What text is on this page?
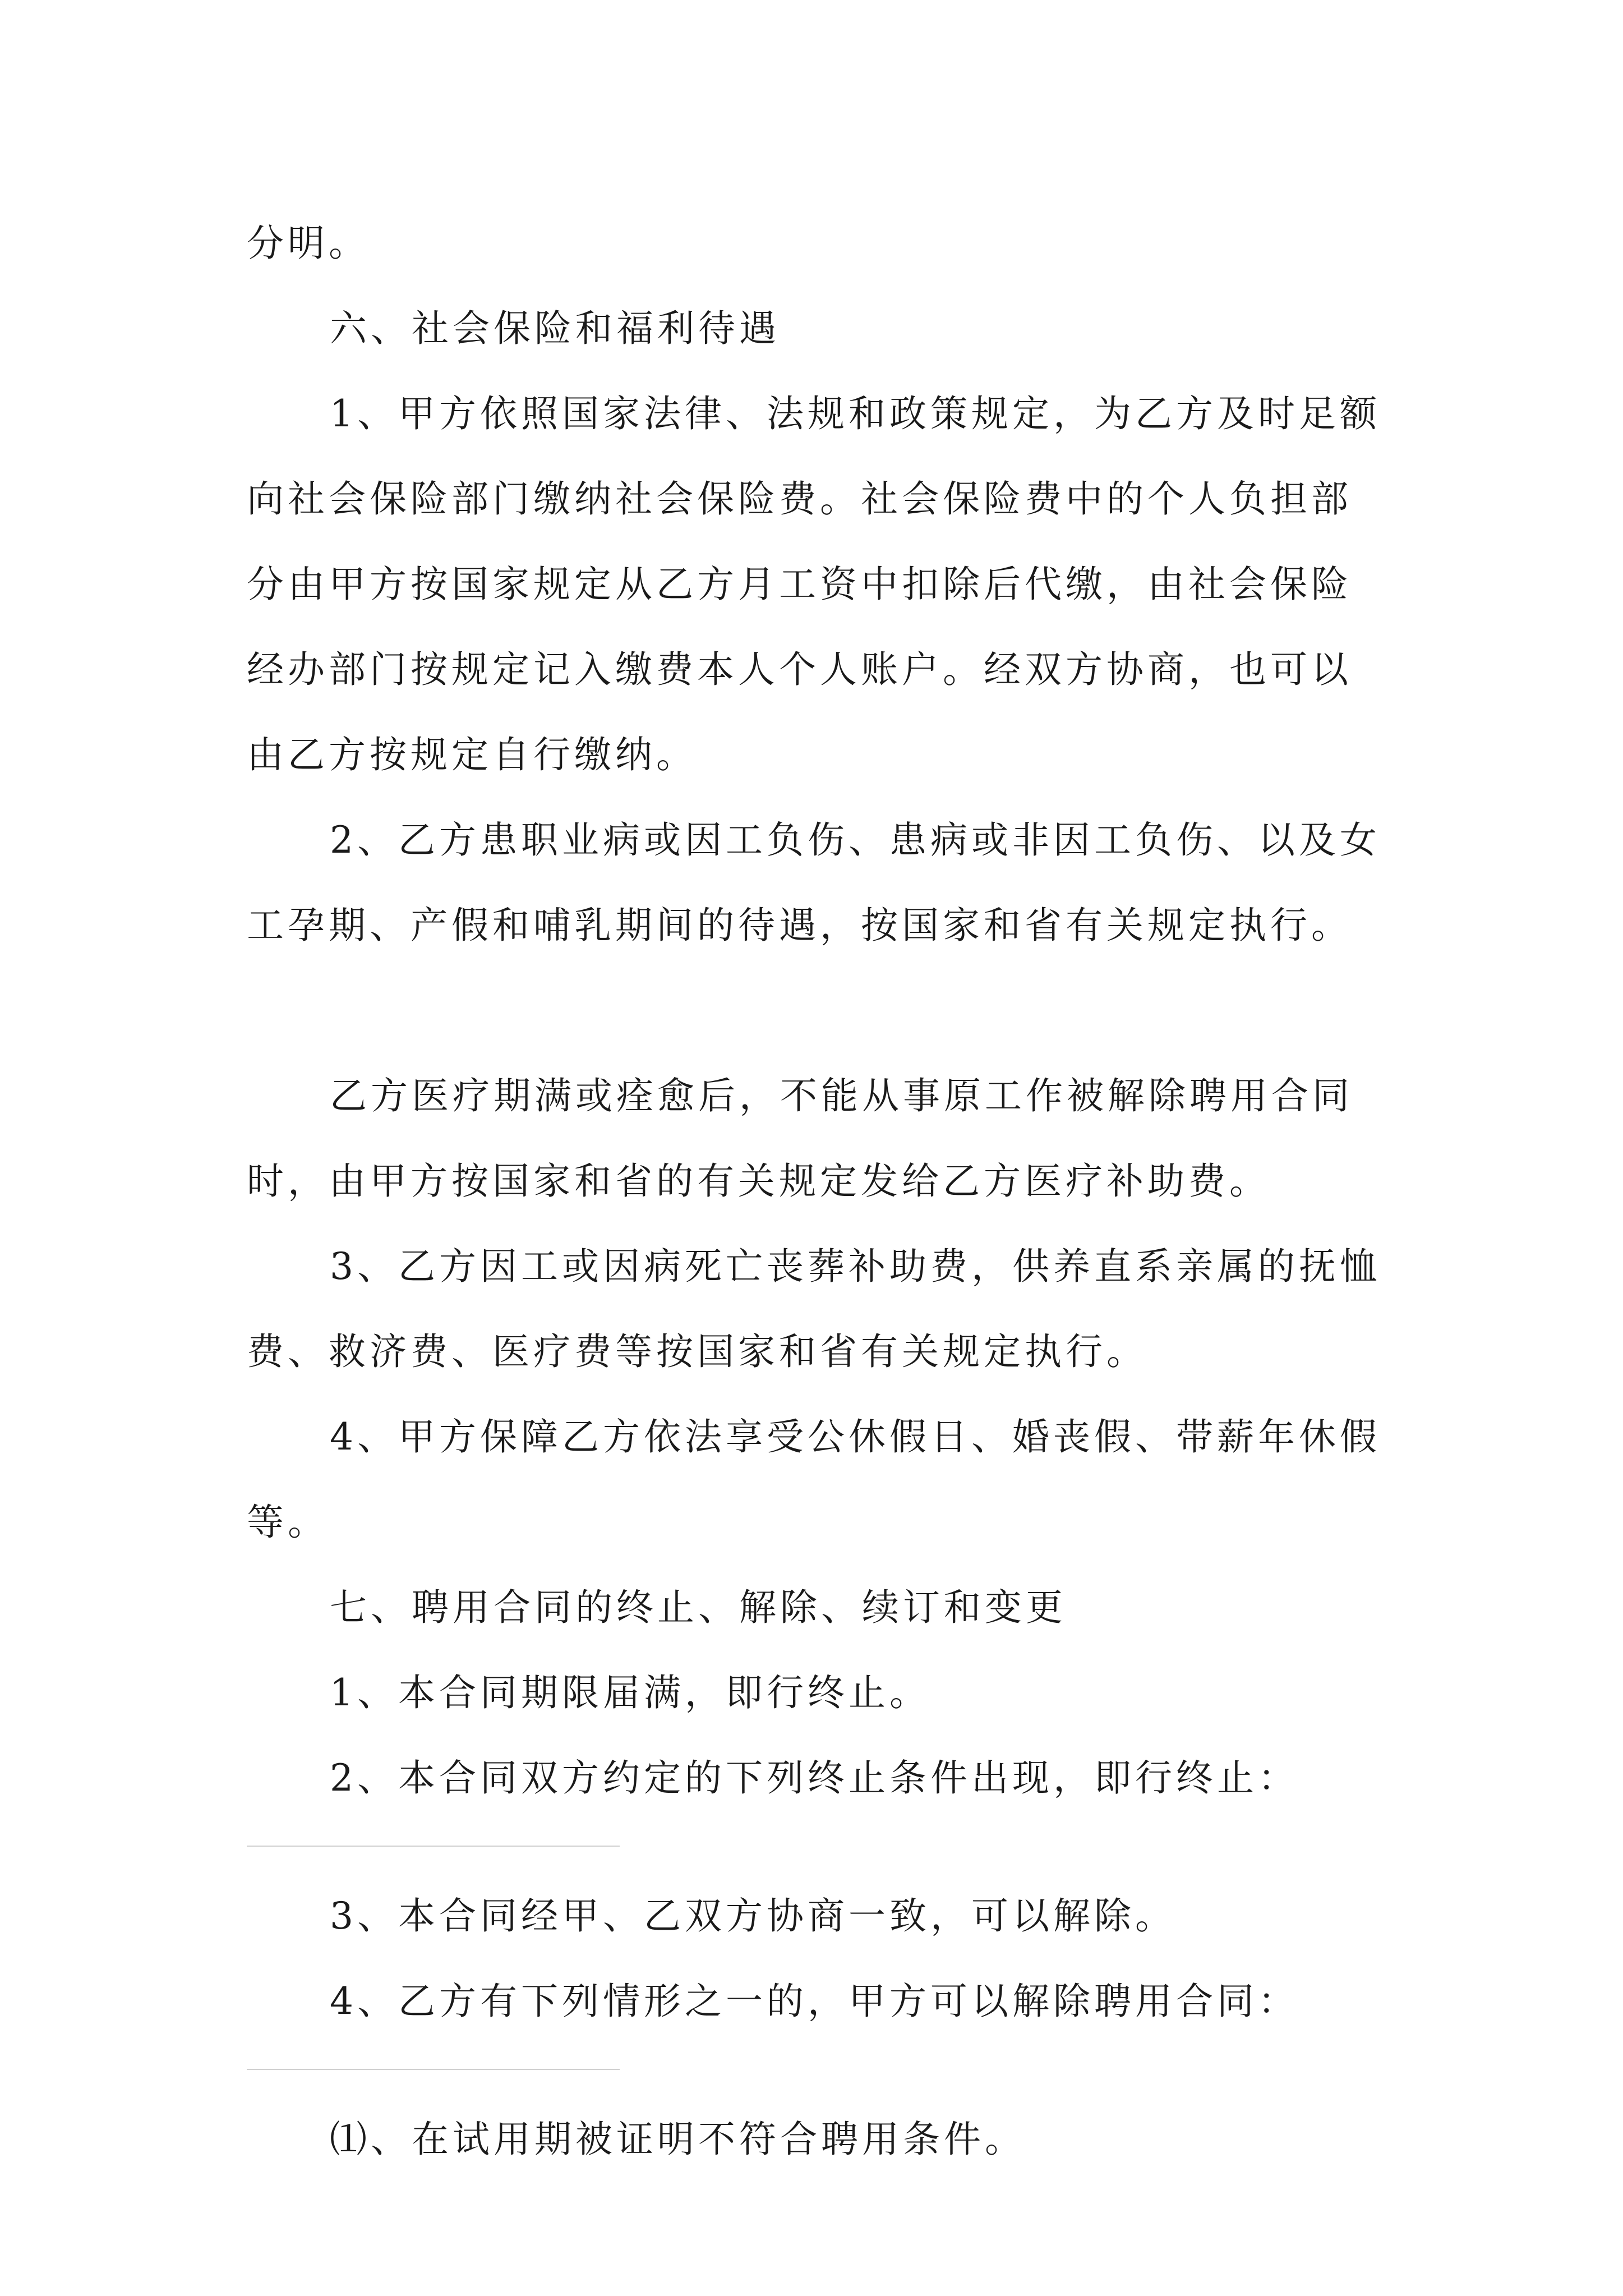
分明。

六、社会保险和福利待遇

1、甲方依照国家法律、法规和政策规定，为乙方及时足额向社会保险部门缴纳社会保险费。社会保险费中的个人负担部分由甲方按国家规定从乙方月工资中扣除后代缴，由社会保险经办部门按规定记入缴费本人个人账户。经双方协商，也可以由乙方按规定自行缴纳。

2、乙方患职业病或因工负伤、患病或非因工负伤、以及女工孕期、产假和哺乳期间的待遇，按国家和省有关规定执行。

乙方医疗期满或痊愈后，不能从事原工作被解除聘用合同时，由甲方按国家和省的有关规定发给乙方医疗补助费。

3、乙方因工或因病死亡丧葬补助费，供养直系亲属的抚恤费、救济费、医疗费等按国家和省有关规定执行。

4、甲方保障乙方依法享受公休假日、婚丧假、带薪年休假等。

七、聘用合同的终止、解除、续订和变更

1、本合同期限届满，即行终止。

2、本合同双方约定的下列终止条件出现，即行终止：

3、本合同经甲、乙双方协商一致，可以解除。

4、乙方有下列情形之一的，甲方可以解除聘用合同：

⑴、在试用期被证明不符合聘用条件。
